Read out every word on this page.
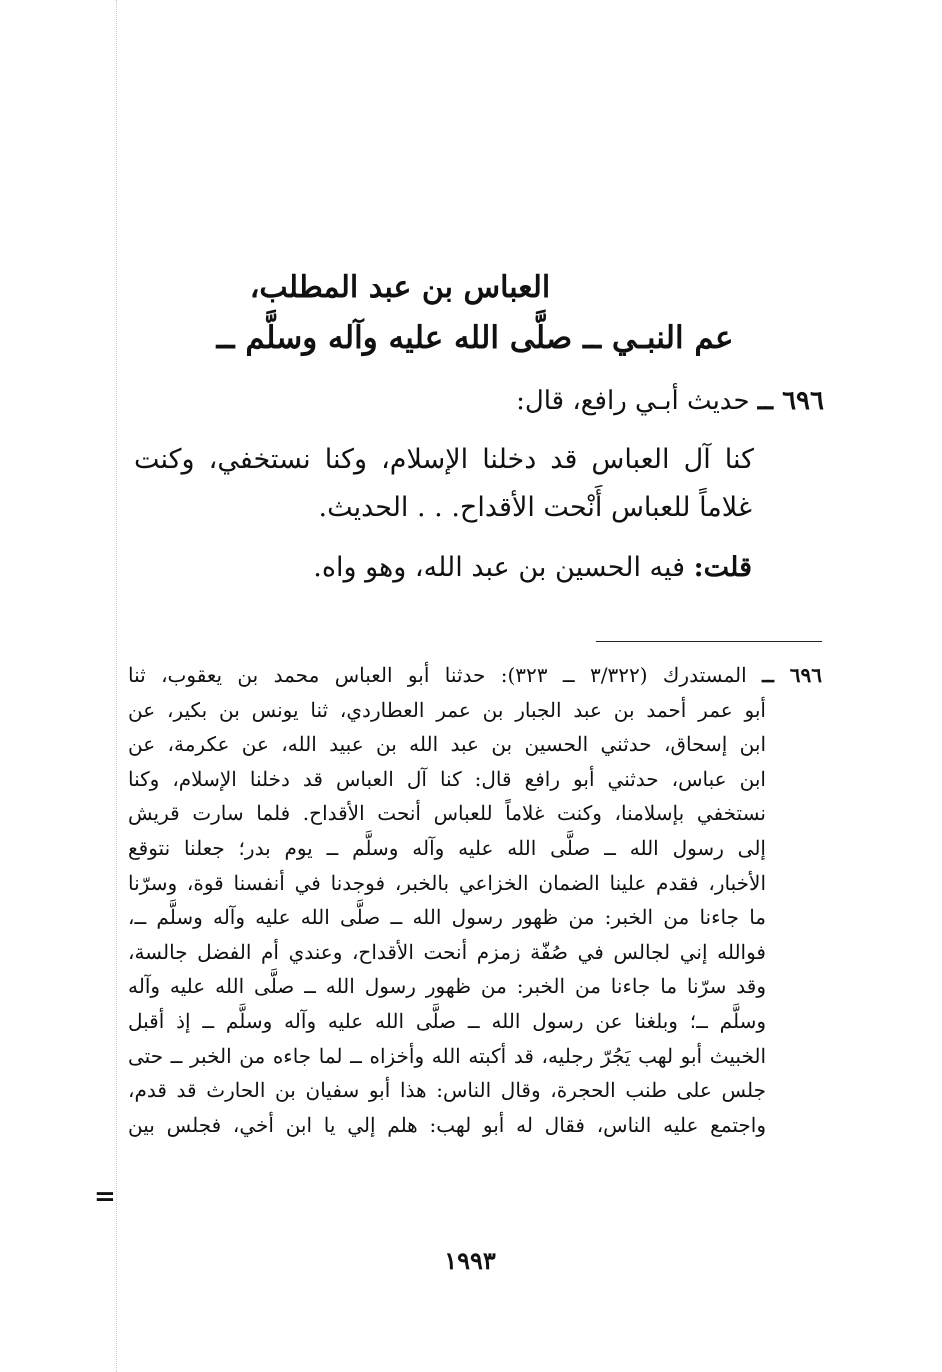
العباس بن عبد المطلب،
عم النبـي ــ صلَّى الله عليه وآله وسلَّم ــ
٦٩٦ ــ حديث أبـي رافع، قال:
كنا آل العباس قد دخلنا الإسلام، وكنا نستخفي، وكنت
غلاماً للعباس أَنْحت الأقداح. . . الحديث.
قلت: فيه الحسين بن عبد الله، وهو واه.
٦٩٦ ــ المستدرك (٣/٣٢٢ ــ ٣٢٣): حدثنا أبو العباس محمد بن يعقوب، ثنا
أبو عمر أحمد بن عبد الجبار بن عمر العطاردي، ثنا يونس بن بكير، عن
ابن إسحاق، حدثني الحسين بن عبد الله بن عبيد الله، عن عكرمة، عن
ابن عباس، حدثني أبو رافع قال: كنا آل العباس قد دخلنا الإسلام، وكنا
نستخفي بإسلامنا، وكنت غلاماً للعباس أنحت الأقداح. فلما سارت قريش
إلى رسول الله ــ صلَّى الله عليه وآله وسلَّم ــ يوم بدر؛ جعلنا نتوقع
الأخبار، فقدم علينا الضمان الخزاعي بالخبر، فوجدنا في أنفسنا قوة، وسرّنا
ما جاءنا من الخبر: من ظهور رسول الله ــ صلَّى الله عليه وآله وسلَّم ــ،
فوالله إني لجالس في صُفّة زمزم أنحت الأقداح، وعندي أم الفضل جالسة،
وقد سرّنا ما جاءنا من الخبر: من ظهور رسول الله ــ صلَّى الله عليه وآله
وسلَّم ــ؛ وبلغنا عن رسول الله ــ صلَّى الله عليه وآله وسلَّم ــ إذ أقبل
الخبيث أبو لهب يَجُرّ رجليه، قد أكبته الله وأخزاه ــ لما جاءه من الخبر ــ حتى
جلس على طنب الحجرة، وقال الناس: هذا أبو سفيان بن الحارث قد قدم،
واجتمع عليه الناس، فقال له أبو لهب: هلم إلي يا ابن أخي، فجلس بين
=
١٩٩٣
